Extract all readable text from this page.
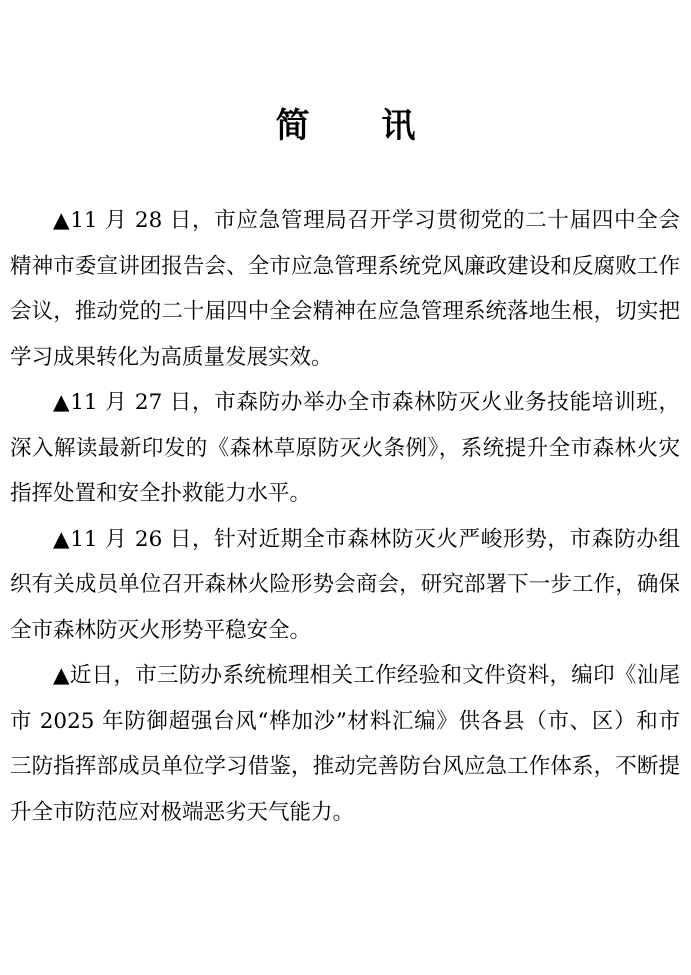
简 讯

▲11 月 28 日，市应急管理局召开学习贯彻党的二十届四中全会精神市委宣讲团报告会、全市应急管理系统党风廉政建设和反腐败工作会议，推动党的二十届四中全会精神在应急管理系统落地生根，切实把学习成果转化为高质量发展实效。

▲11 月 27 日，市森防办举办全市森林防灭火业务技能培训班，深入解读最新印发的《森林草原防灭火条例》，系统提升全市森林火灾指挥处置和安全扑救能力水平。

▲11 月 26 日，针对近期全市森林防灭火严峻形势，市森防办组织有关成员单位召开森林火险形势会商会，研究部署下一步工作，确保全市森林防灭火形势平稳安全。

▲近日，市三防办系统梳理相关工作经验和文件资料，编印《汕尾市 2025 年防御超强台风“桦加沙”材料汇编》供各县（市、区）和市三防指挥部成员单位学习借鉴，推动完善防台风应急工作体系，不断提升全市防范应对极端恶劣天气能力。
